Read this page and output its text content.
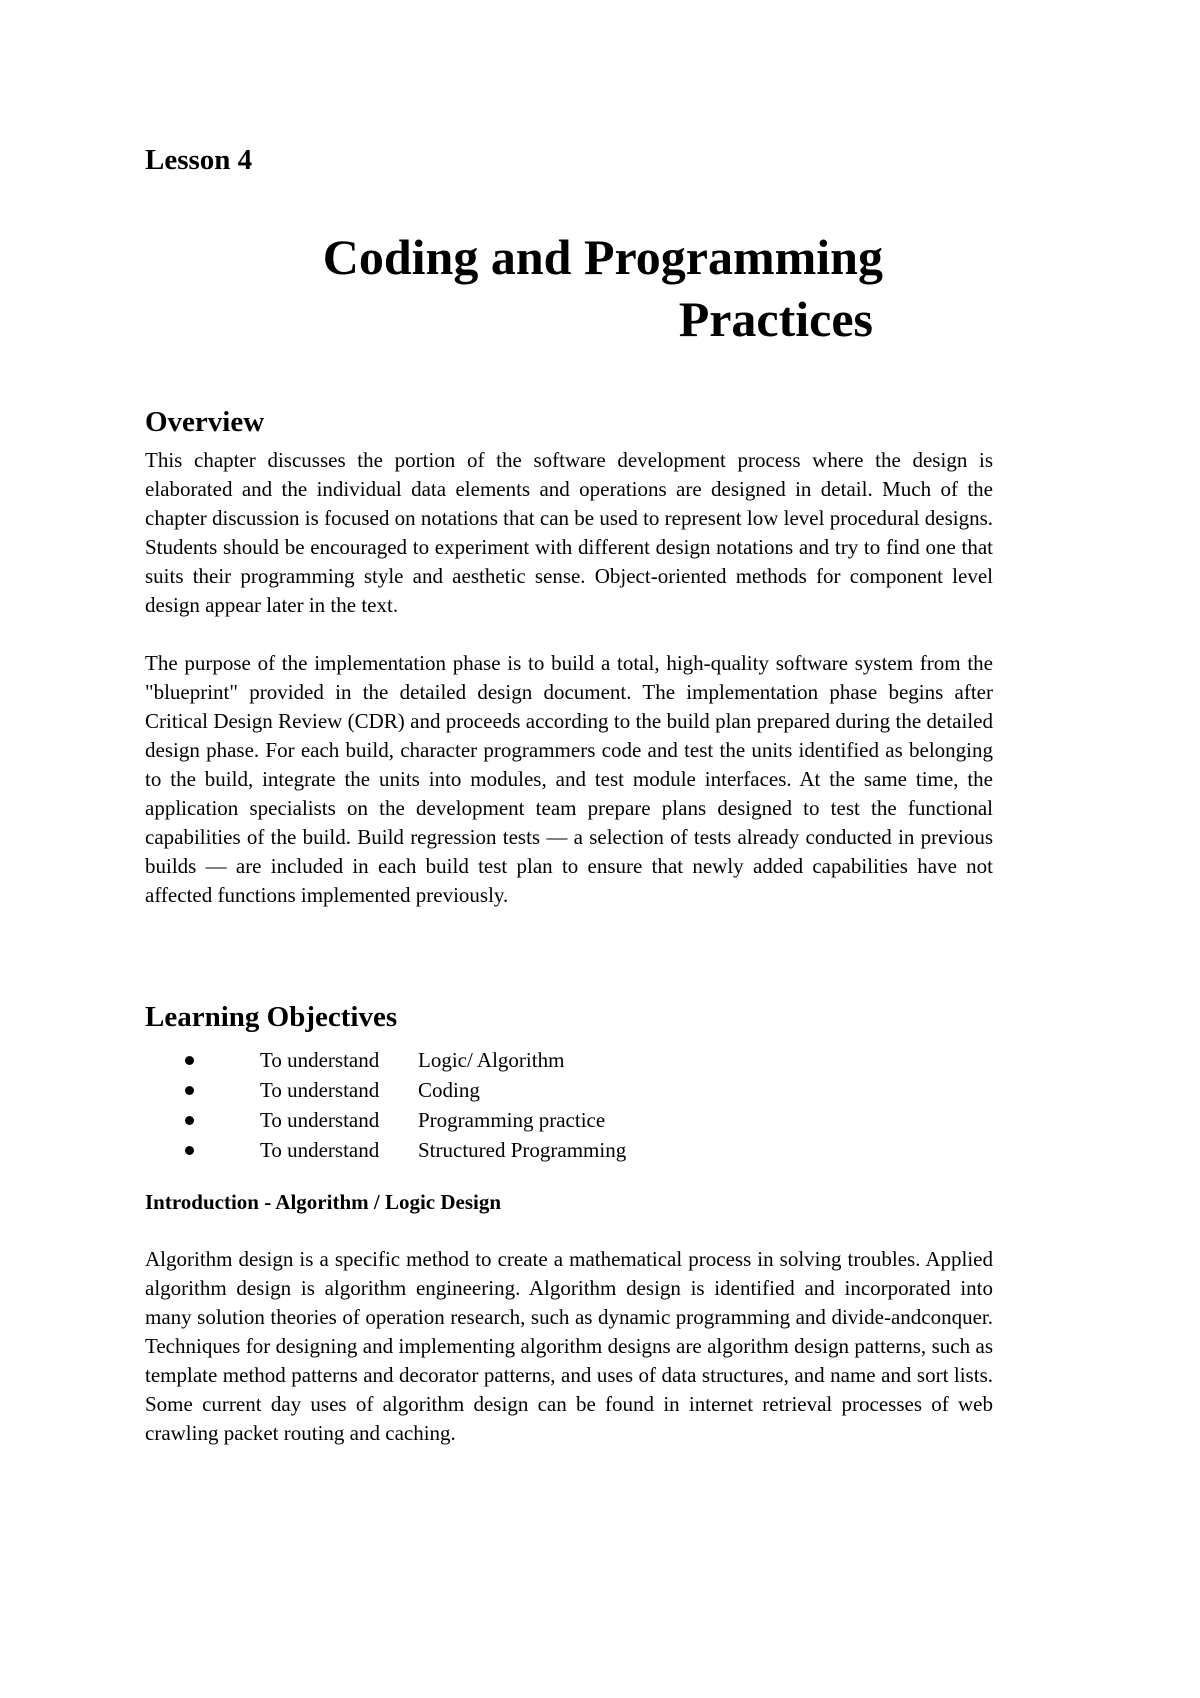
Lesson 4
Coding and Programming
Practices
Overview

This chapter discusses the portion of the software development process where the design is elaborated and the individual data elements and operations are designed in detail. Much of the chapter discussion is focused on notations that can be used to represent low level procedural designs. Students should be encouraged to experiment with different design notations and try to find one that suits their programming style and aesthetic sense. Object-oriented methods for component level design appear later in the text.

The purpose of the implementation phase is to build a total, high-quality software system from the "blueprint" provided in the detailed design document. The implementation phase begins after Critical Design Review (CDR) and proceeds according to the build plan prepared during the detailed design phase. For each build, character programmers code and test the units identified as belonging to the build, integrate the units into modules, and test module interfaces. At the same time, the application specialists on the development team prepare plans designed to test the functional capabilities of the build. Build regression tests — a selection of tests already conducted in previous builds — are included in each build test plan to ensure that newly added capabilities have not affected functions implemented previously.

Learning Objectives
To understand	Logic/ Algorithm
To understand	Coding
To understand	Programming practice
To understand	Structured Programming
Introduction - Algorithm / Logic Design

Algorithm design is a specific method to create a mathematical process in solving troubles. Applied algorithm design is algorithm engineering. Algorithm design is identified and incorporated into many solution theories of operation research, such as dynamic programming and divide-andconquer. Techniques for designing and implementing algorithm designs are algorithm design patterns, such as template method patterns and decorator patterns, and uses of data structures, and name and sort lists. Some current day uses of algorithm design can be found in internet retrieval processes of web crawling packet routing and caching.
